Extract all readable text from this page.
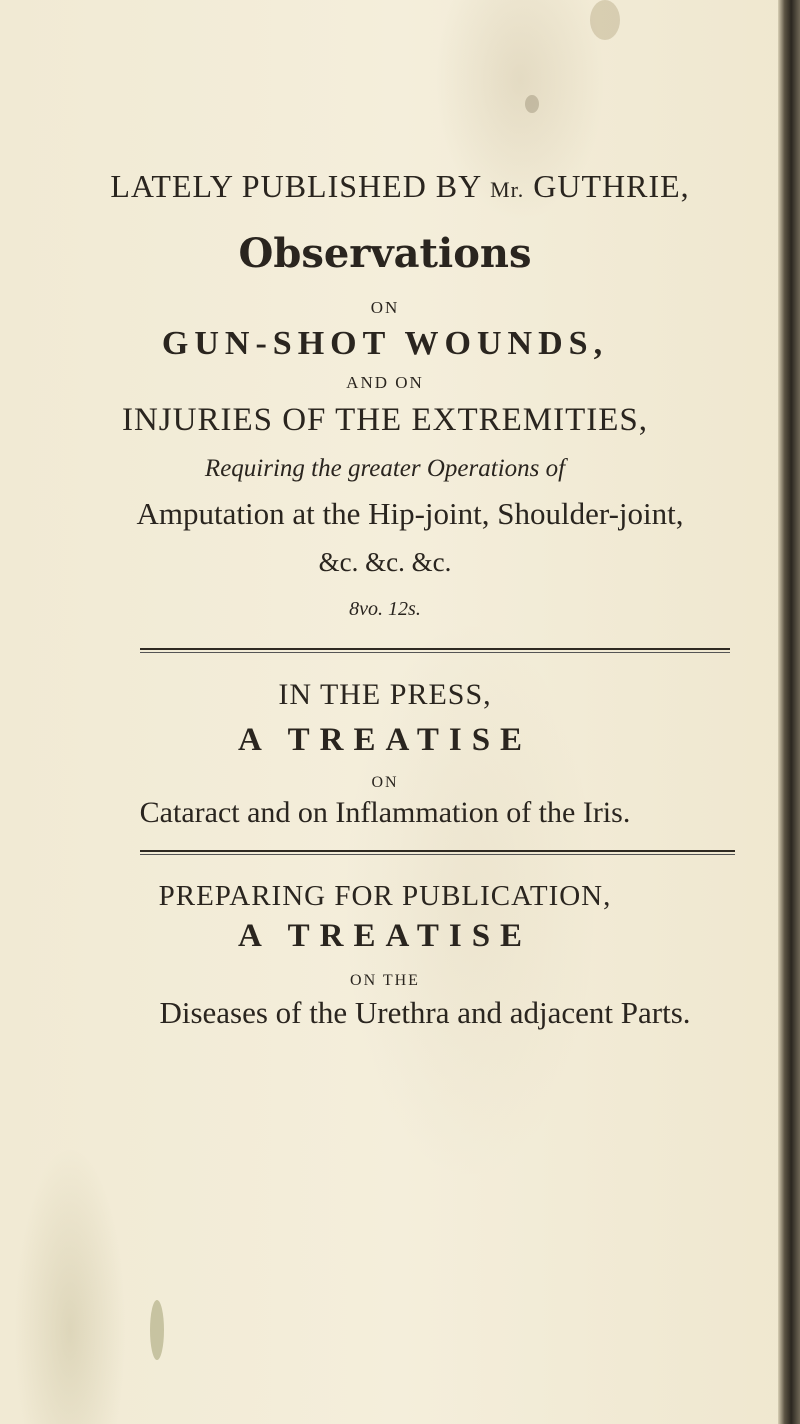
LATELY PUBLISHED BY Mr. GUTHRIE,
Observations
ON
GUN-SHOT WOUNDS,
AND ON
INJURIES OF THE EXTREMITIES,
Requiring the greater Operations of
Amputation at the Hip-joint, Shoulder-joint,
&c. &c. &c.
8vo. 12s.
IN THE PRESS,
A TREATISE
ON
Cataract and on Inflammation of the Iris.
PREPARING FOR PUBLICATION,
A TREATISE
ON THE
Diseases of the Urethra and adjacent Parts.
